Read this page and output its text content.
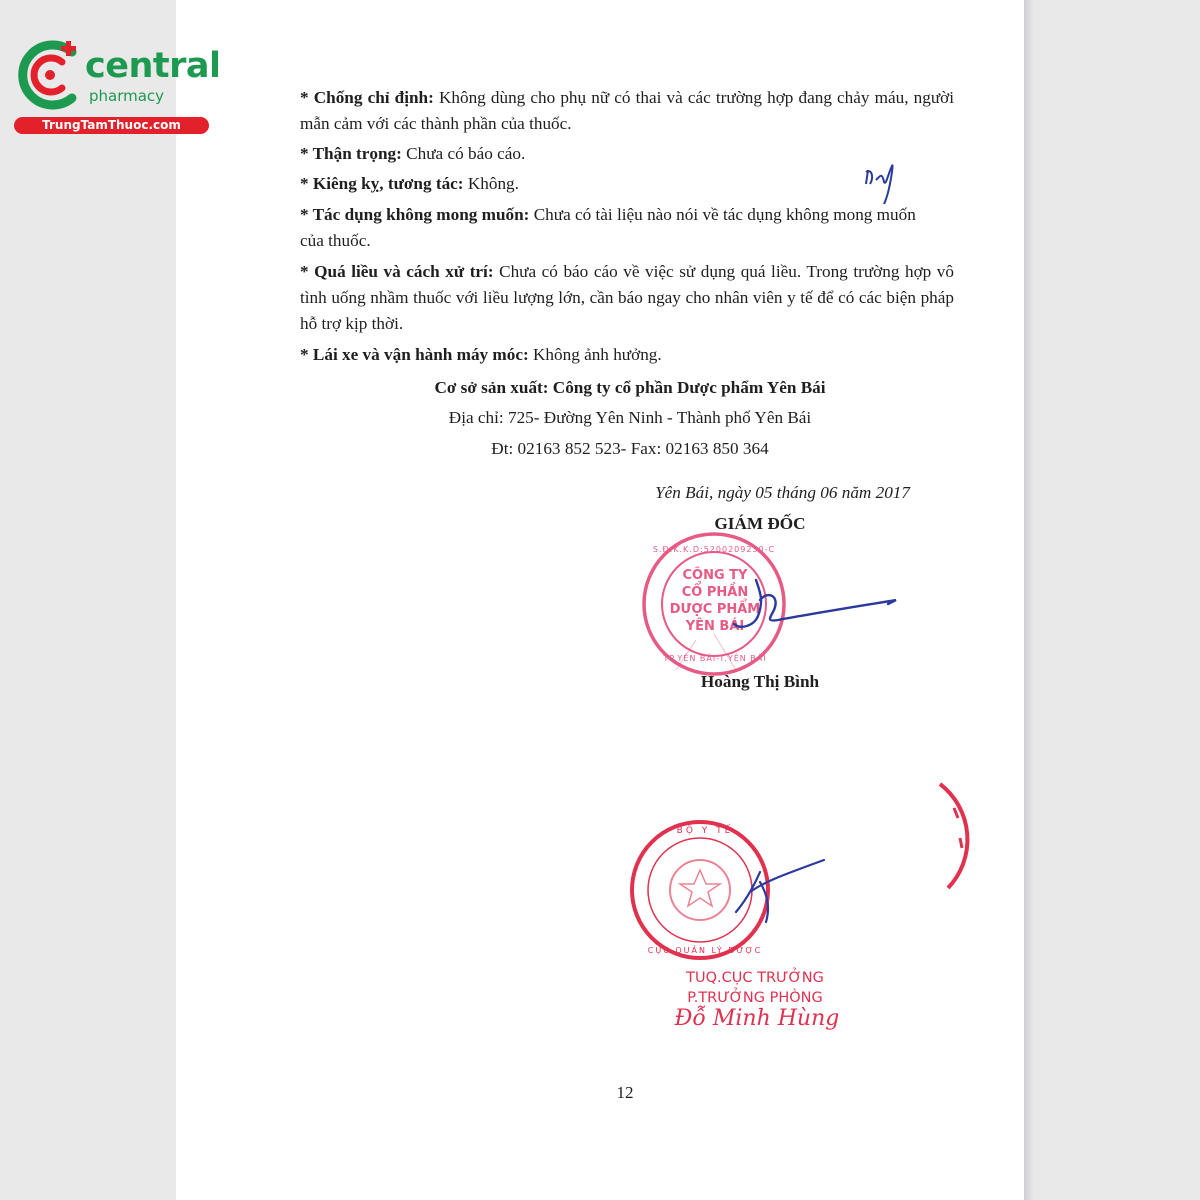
central
pharmacy
TrungTamThuoc.com
* Chống chỉ định: Không dùng cho phụ nữ có thai và các trường hợp đang chảy máu, người mẫn cảm với các thành phần của thuốc.
* Thận trọng: Chưa có báo cáo.
* Kiêng kỵ, tương tác: Không.
* Tác dụng không mong muốn: Chưa có tài liệu nào nói về tác dụng không mong muốn của thuốc.
* Quá liều và cách xử trí: Chưa có báo cáo về việc sử dụng quá liều. Trong trường hợp vô tình uống nhầm thuốc với liều lượng lớn, cần báo ngay cho nhân viên y tế để có các biện pháp hỗ trợ kịp thời.
* Lái xe và vận hành máy móc: Không ảnh hưởng.
Cơ sở sản xuất: Công ty cổ phần Dược phẩm Yên Bái
Địa chỉ: 725- Đường Yên Ninh - Thành phố Yên Bái
Đt: 02163 852 523- Fax: 02163 850 364
Yên Bái, ngày 05 tháng 06 năm 2017
GIÁM ĐỐC
CÔNG TY
CỔ PHẦN
DƯỢC PHẨM
YÊN BÁI
S.Đ.K.K.D:5200209230-C
TP.YÊN BÁI-T.YÊN BÁI
Hoàng Thị Bình
BỘ Y TẾ
CỤC QUẢN LÝ DƯỢC
TUQ.CỤC TRƯỞNG
P.TRƯỞNG PHÒNG
Đỗ Minh Hùng
12
